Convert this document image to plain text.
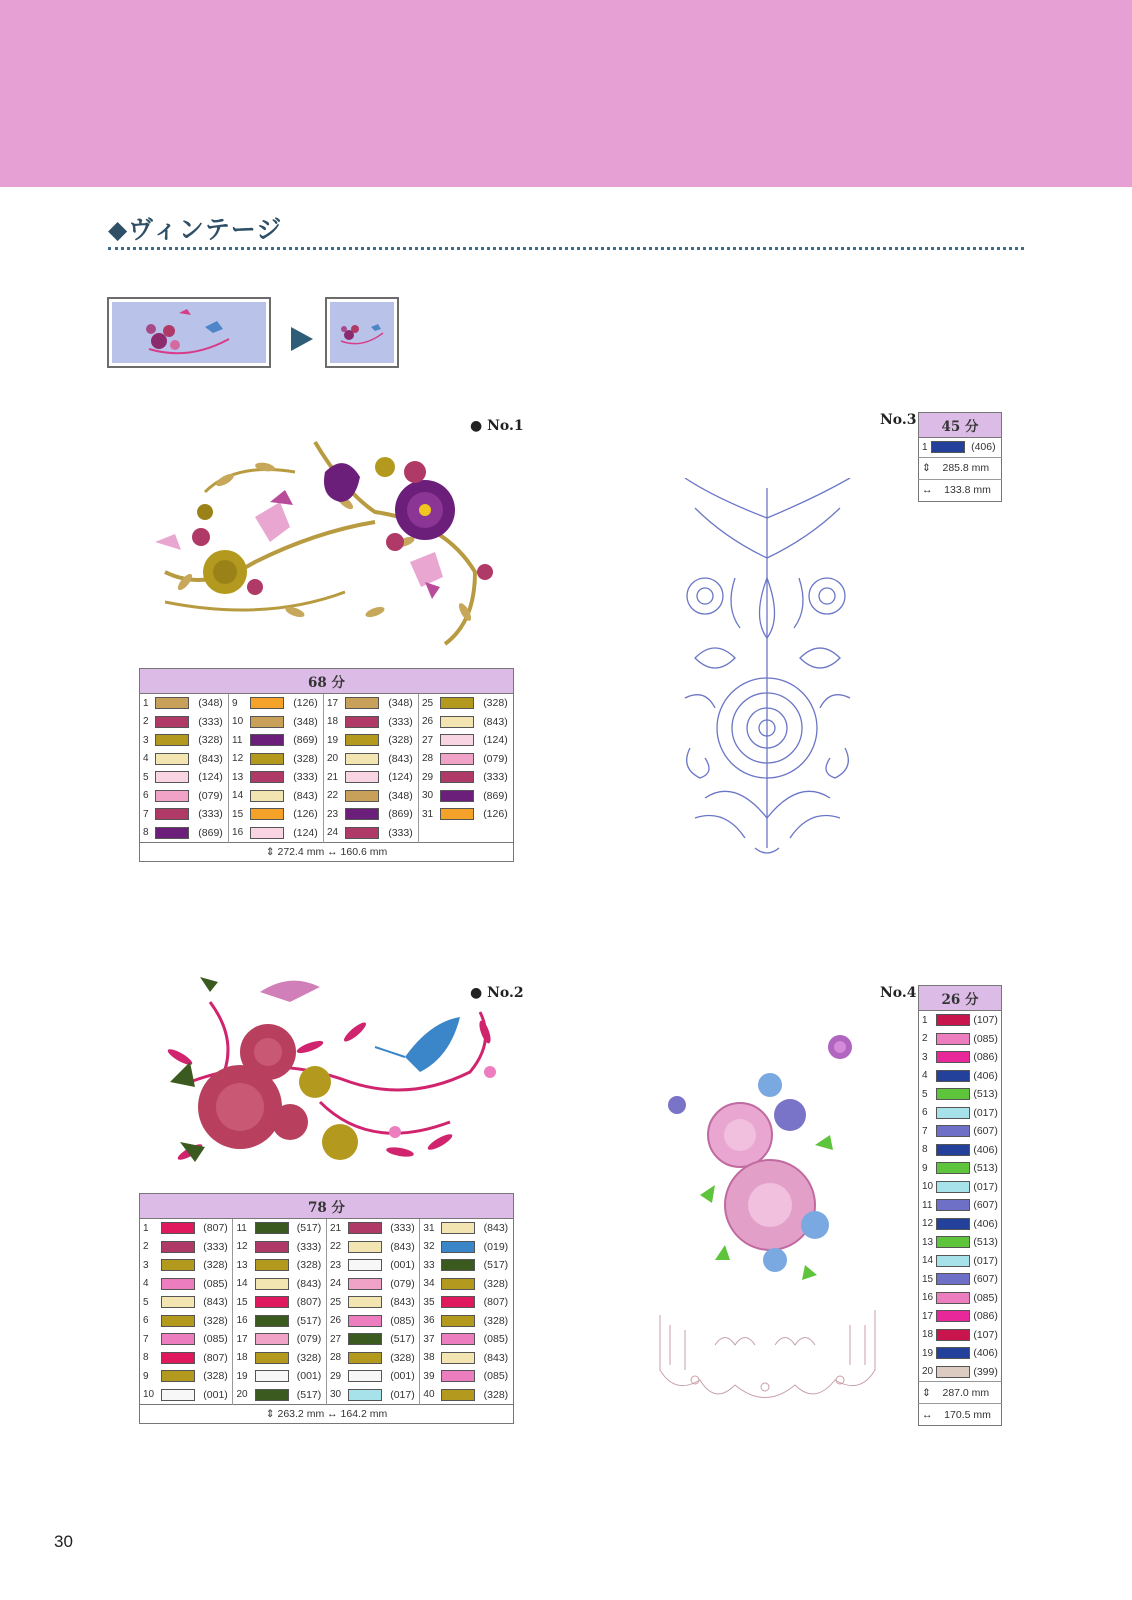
◆ヴィンテージ
● No.1
68 分											
1		(348)	9		(126)	17		(348)	25		(328)
2		(333)	10		(348)	18		(333)	26		(843)
3		(328)	11		(869)	19		(328)	27		(124)
4		(843)	12		(328)	20		(843)	28		(079)
5		(124)	13		(333)	21		(124)	29		(333)
6		(079)	14		(843)	22		(348)	30		(869)
7		(333)	15		(126)	23		(869)	31		(126)
8		(869)	16		(124)	24		(333)			
⇕ 272.4 mm ↔ 160.6 mm											
No.3 45 分
1		(406)
⇕ 285.8 mm
↔ 133.8 mm
● No.2
78 分											
1		(807)	11		(517)	21		(333)	31		(843)
2		(333)	12		(333)	22		(843)	32		(019)
3		(328)	13		(328)	23		(001)	33		(517)
4		(085)	14		(843)	24		(079)	34		(328)
5		(843)	15		(807)	25		(843)	35		(807)
6		(328)	16		(517)	26		(085)	36		(328)
7		(085)	17		(079)	27		(517)	37		(085)
8		(807)	18		(328)	28		(328)	38		(843)
9		(328)	19		(001)	29		(001)	39		(085)
10		(001)	20		(517)	30		(017)	40		(328)
⇕ 263.2 mm ↔ 164.2 mm											
No.4 26 分		
1		(107)
2		(085)
3		(086)
4		(406)
5		(513)
6		(017)
7		(607)
8		(406)
9		(513)
10		(017)
11		(607)
12		(406)
13		(513)
14		(017)
15		(607)
16		(085)
17		(086)
18		(107)
19		(406)
20		(399)
⇕ 287.0 mm		
↔ 170.5 mm		
30
